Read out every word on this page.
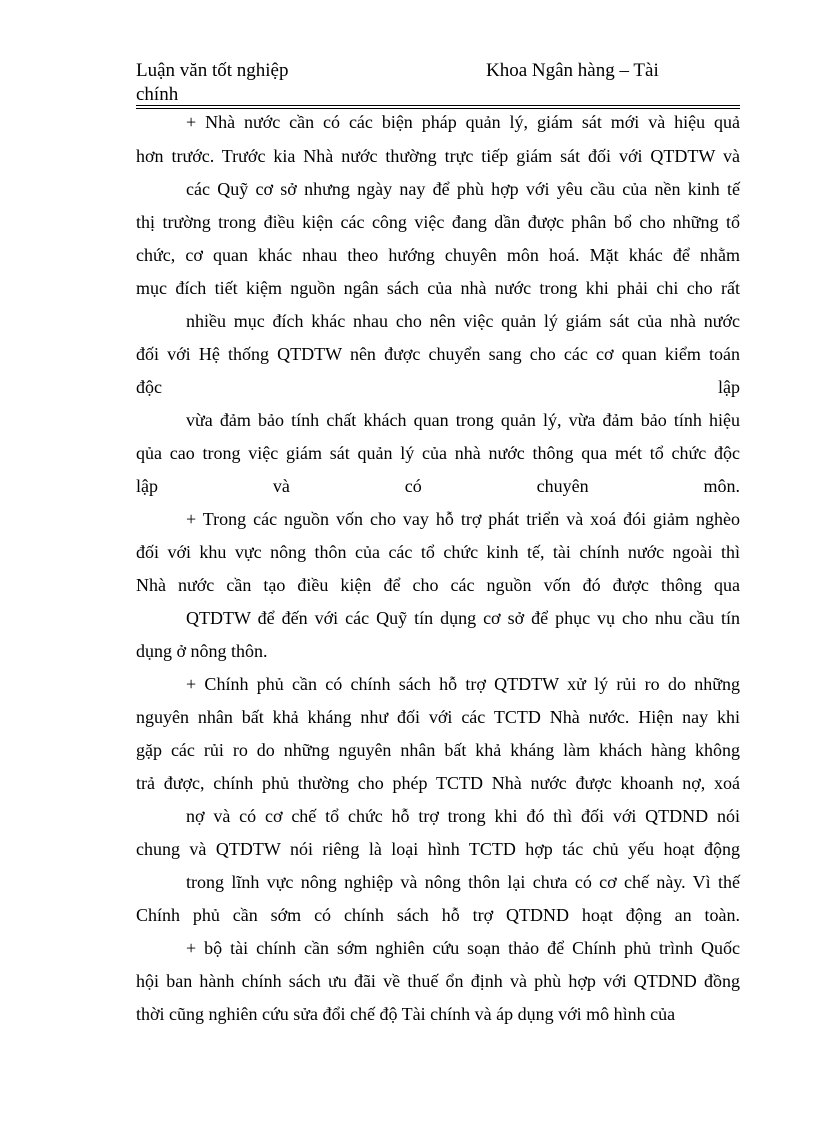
Luận văn tốt nghiệp	Khoa Ngân hàng – Tài
chính
+ Nhà nước cần có các biện pháp quản lý, giám sát mới và hiệu quả
hơn trước. Trước kia Nhà nước thường trực tiếp giám sát đối với QTDTW và
các Quỹ cơ sở nhưng ngày nay để phù hợp với yêu cầu của nền kinh tế
thị trường trong điều kiện các công việc đang dần được phân bổ cho những tổ
chức, cơ quan khác nhau theo hướng chuyên môn hoá. Mặt khác để nhằm
mục đích tiết kiệm nguồn ngân sách của nhà nước trong khi phải chi cho rất
nhiều mục đích khác nhau cho nên việc quản lý giám sát của nhà nước
đối với Hệ thống QTDTW nên được chuyển sang cho các cơ quan kiểm toán
độc lập
vừa đảm bảo tính chất khách quan trong quản lý, vừa đảm bảo tính hiệu
qủa cao trong việc giám sát quản lý của nhà nước thông qua mét tổ chức độc
lập và có chuyên môn.
+ Trong các nguồn vốn cho vay hỗ trợ phát triển và xoá đói giảm nghèo
đối với khu vực nông thôn của các tổ chức kinh tế, tài chính nước ngoài thì
Nhà nước cần tạo điều kiện để cho các nguồn vốn đó được thông qua
QTDTW để đến với các Quỹ tín dụng cơ sở để phục vụ cho nhu cầu tín
dụng ở nông thôn.
+ Chính phủ cần có chính sách hỗ trợ QTDTW xử lý rủi ro do những
nguyên nhân bất khả kháng như đối với các TCTD Nhà nước. Hiện nay khi
gặp các rủi ro do những nguyên nhân bất khả kháng làm khách hàng không
trả được, chính phủ thường cho phép TCTD Nhà nước được khoanh nợ, xoá
nợ và có cơ chế tổ chức hỗ trợ trong khi đó thì đối với QTDND nói
chung và QTDTW nói riêng là loại hình TCTD hợp tác chủ yếu hoạt động
trong lĩnh vực nông nghiệp và nông thôn lại chưa có cơ chế này. Vì thế
Chính phủ cần sớm có chính sách hỗ trợ QTDND hoạt động an toàn.
+ bộ tài chính cần sớm nghiên cứu soạn thảo để Chính phủ trình Quốc
hội ban hành chính sách ưu đãi về thuế ổn định và phù hợp với QTDND đồng
thời cũng nghiên cứu sửa đổi chế độ Tài chính và áp dụng với mô hình của
